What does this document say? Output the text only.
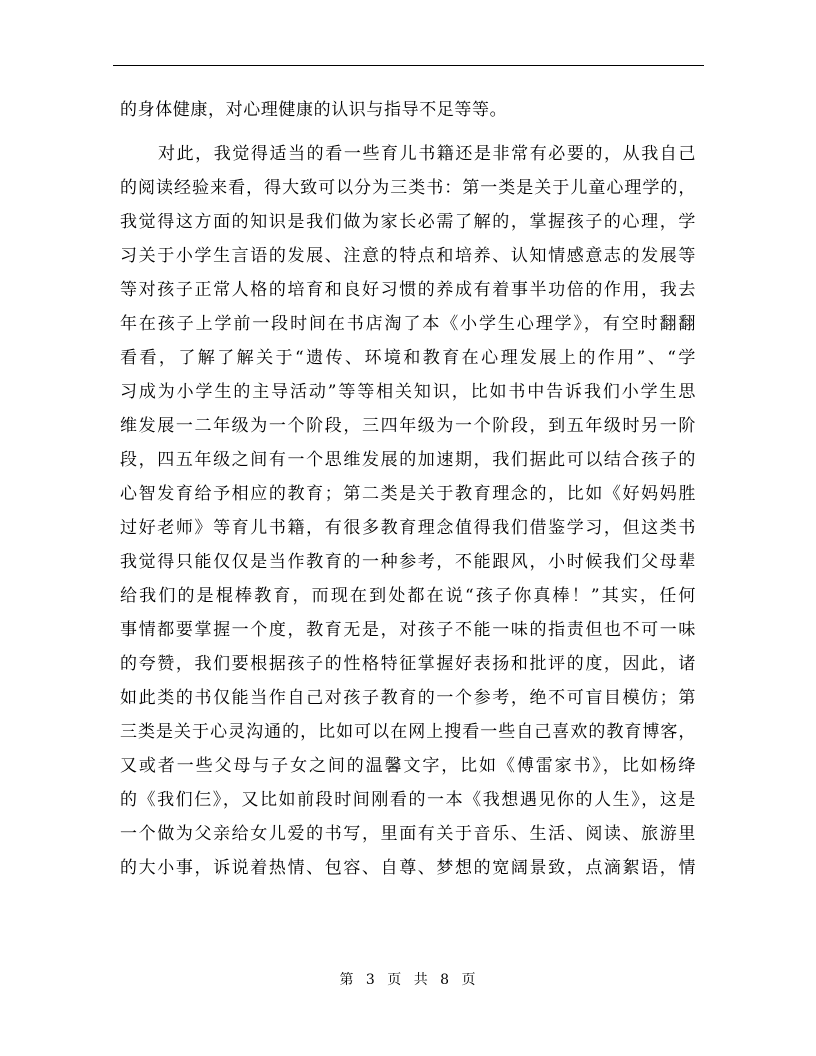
的身体健康，对心理健康的认识与指导不足等等。
对此，我觉得适当的看一些育儿书籍还是非常有必要的，从我自己
的阅读经验来看，得大致可以分为三类书：第一类是关于儿童心理学的，
我觉得这方面的知识是我们做为家长必需了解的，掌握孩子的心理，学
习关于小学生言语的发展、注意的特点和培养、认知情感意志的发展等
等对孩子正常人格的培育和良好习惯的养成有着事半功倍的作用，我去
年在孩子上学前一段时间在书店淘了本《小学生心理学》，有空时翻翻
看看，了解了解关于“遗传、环境和教育在心理发展上的作用”、“学
习成为小学生的主导活动”等等相关知识，比如书中告诉我们小学生思
维发展一二年级为一个阶段，三四年级为一个阶段，到五年级时另一阶
段，四五年级之间有一个思维发展的加速期，我们据此可以结合孩子的
心智发育给予相应的教育；第二类是关于教育理念的，比如《好妈妈胜
过好老师》等育儿书籍，有很多教育理念值得我们借鉴学习，但这类书
我觉得只能仅仅是当作教育的一种参考，不能跟风，小时候我们父母辈
给我们的是棍棒教育，而现在到处都在说“孩子你真棒！”其实，任何
事情都要掌握一个度，教育无是，对孩子不能一味的指责但也不可一味
的夸赞，我们要根据孩子的性格特征掌握好表扬和批评的度，因此，诸
如此类的书仅能当作自己对孩子教育的一个参考，绝不可盲目模仿；第
三类是关于心灵沟通的，比如可以在网上搜看一些自己喜欢的教育博客，
又或者一些父母与子女之间的温馨文字，比如《傅雷家书》，比如杨绛
的《我们仨》，又比如前段时间刚看的一本《我想遇见你的人生》，这是
一个做为父亲给女儿爱的书写，里面有关于音乐、生活、阅读、旅游里
的大小事，诉说着热情、包容、自尊、梦想的宽阔景致，点滴絮语，情
第 3 页 共 8 页
